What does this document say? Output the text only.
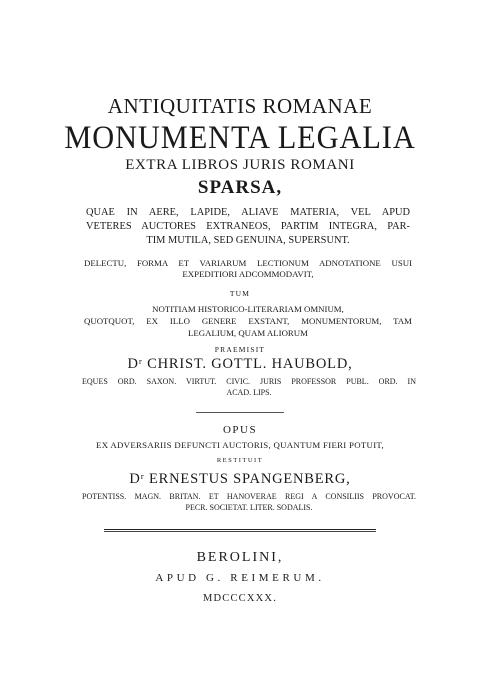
ANTIQUITATIS ROMANAE
MONUMENTA LEGALIA
EXTRA LIBROS JURIS ROMANI
SPARSA,
QUAE IN AERE, LAPIDE, ALIAVE MATERIA, VEL APUD
VETERES AUCTORES EXTRANEOS, PARTIM INTEGRA, PAR-
TIM MUTILA, SED GENUINA, SUPERSUNT.
DELECTU, FORMA ET VARIARUM LECTIONUM ADNOTATIONE USUI
EXPEDITIORI ADCOMMODAVIT,
TUM
NOTITIAM HISTORICO-LITERARIAM OMNIUM,
QUOTQUOT, EX ILLO GENERE EXSTANT, MONUMENTORUM, TAM
LEGALIUM, QUAM ALIORUM
PRAEMISIT
Dʳ CHRIST. GOTTL. HAUBOLD,
EQUES ORD. SAXON. VIRTUT. CIVIC. JURIS PROFESSOR PUBL. ORD. IN
ACAD. LIPS.
OPUS
EX ADVERSARIIS DEFUNCTI AUCTORIS, QUANTUM FIERI POTUIT,
RESTITUIT
Dʳ ERNESTUS SPANGENBERG,
POTENTISS. MAGN. BRITAN. ET HANOVERAE REGI A CONSILIIS PROVOCAT.
PECR. SOCIETAT. LITER. SODALIS.
BEROLINI,
APUD G. REIMERUM.
MDCCCXXX.
